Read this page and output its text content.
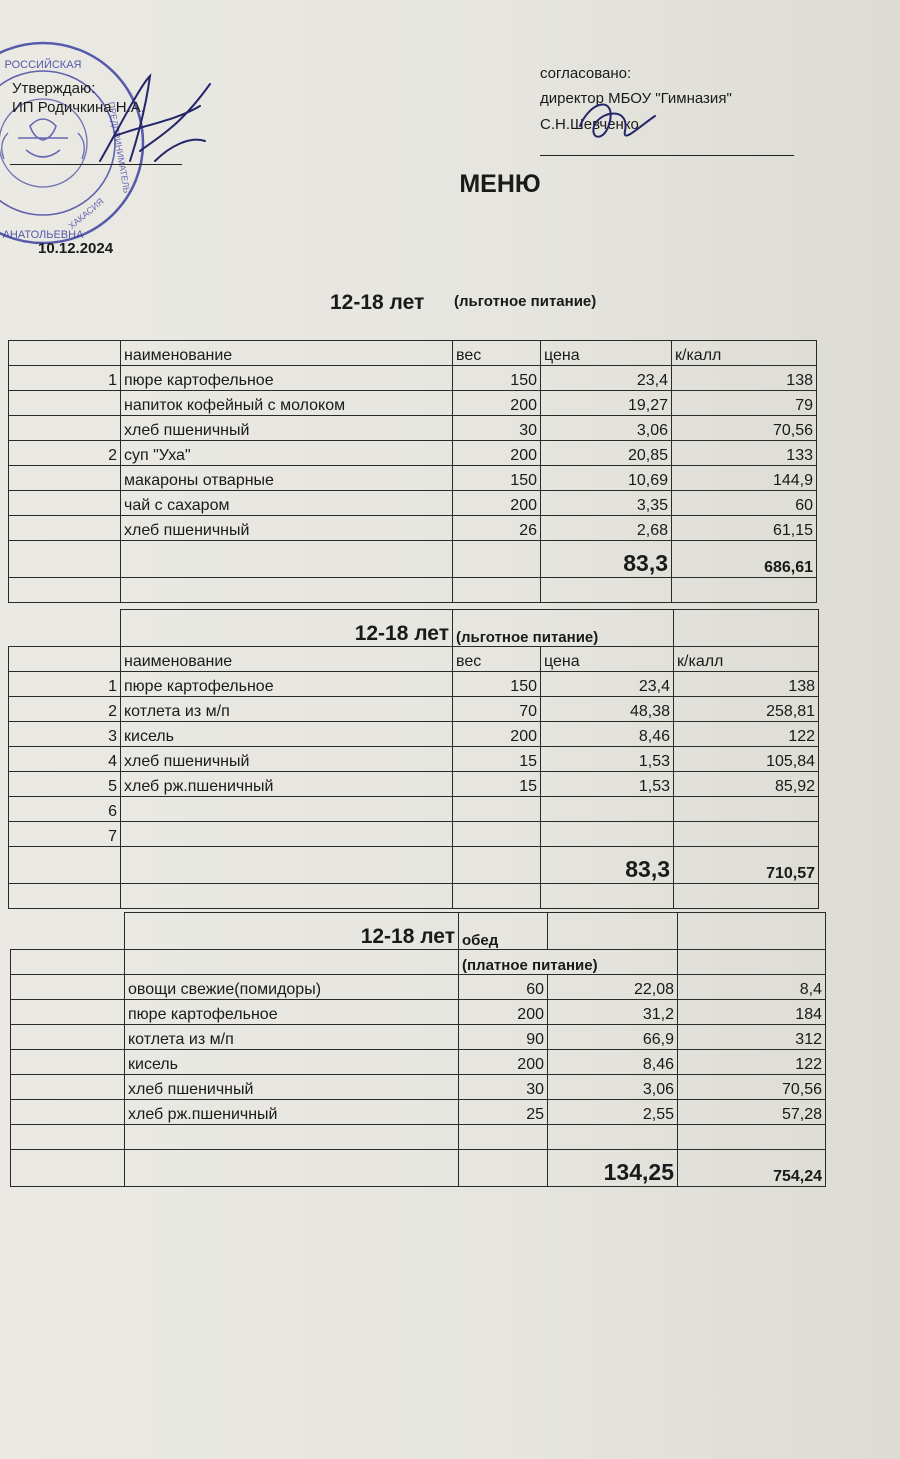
РОССИЙСКАЯ
АНАТОЛЬЕВНА
ПРЕДПРИНИМАТЕЛЬ
ХАКАСИЯ
Утверждаю:
ИП Родичкина Н.А.
10.12.2024
согласовано:
директор МБОУ "Гимназия"
С.Н.Шевченко
МЕНЮ
12-18 лет (льготное питание)
	наименование	вес	цена	к/калл
1	пюре картофельное	150	23,4	138
	напиток кофейный с молоком	200	19,27	79
	хлеб пшеничный	30	3,06	70,56
2	суп "Уха"	200	20,85	133
	макароны отварные	150	10,69	144,9
	чай с сахаром	200	3,35	60
	хлеб пшеничный	26	2,68	61,15
			83,3	686,61

	12-18 лет	(льготное питание)		
	наименование	вес	цена	к/калл
1	пюре картофельное	150	23,4	138
2	котлета из м/п	70	48,38	258,81
3	кисель	200	8,46	122
4	хлеб пшеничный	15	1,53	105,84
5	хлеб рж.пшеничный	15	1,53	85,92
6				
7				
			83,3	710,57

	12-18 лет	обед		
		(платное питание)		
	овощи свежие(помидоры)	60	22,08	8,4
	пюре картофельное	200	31,2	184
	котлета из м/п	90	66,9	312
	кисель	200	8,46	122
	хлеб пшеничный	30	3,06	70,56
	хлеб рж.пшеничный	25	2,55	57,28

			134,25	754,24
